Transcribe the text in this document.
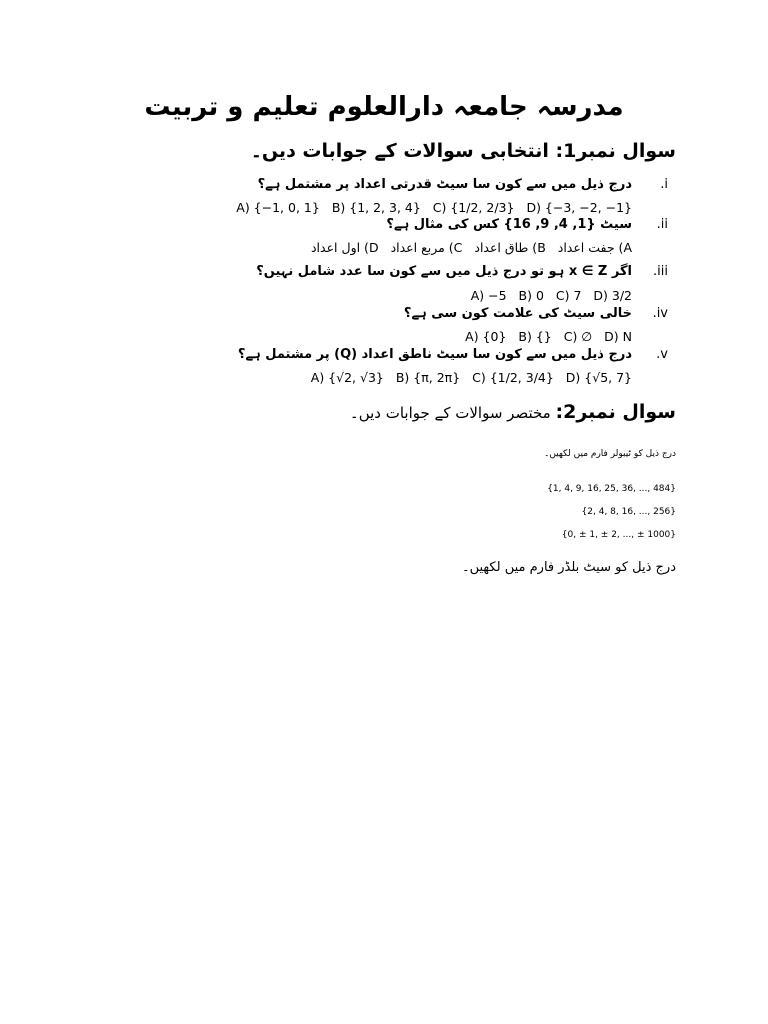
مدرسہ جامعہ دارالعلوم تعلیم و تربیت
سوال نمبر1: انتخابی سوالات کے جوابات دیں۔
.i
درج ذیل میں سے کون سا سیٹ قدرتی اعداد پر مشتمل ہے؟
A) {−1, 0, 1} B) {1, 2, 3, 4} C) {1/2, 2/3} D) {−3, −2, −1}
.ii
سیٹ {1, 4, 9, 16} کس کی مثال ہے؟
A) جفت اعداد B) طاق اعداد C) مربع اعداد D) اول اعداد
.iii
اگر x ∈ Z ہو تو درج ذیل میں سے کون سا عدد شامل نہیں؟
A) −5 B) 0 C) 7 D) 3/2
.iv
خالی سیٹ کی علامت کون سی ہے؟
A) {0} B) {} C) ∅ D) N
.v
درج ذیل میں سے کون سا سیٹ ناطق اعداد (Q) پر مشتمل ہے؟
A) {√2, √3} B) {π, 2π} C) {1/2, 3/4} D) {√5, 7}
سوال نمبر2: مختصر سوالات کے جوابات دیں۔
درج ذیل کو ٹیبولر فارم میں لکھیں۔
{1, 4, 9, 16, 25, 36, ..., 484}
{2, 4, 8, 16, ..., 256}
{0, ± 1, ± 2, ..., ± 1000}
درج ذیل کو سیٹ بلڈر فارم میں لکھیں۔
